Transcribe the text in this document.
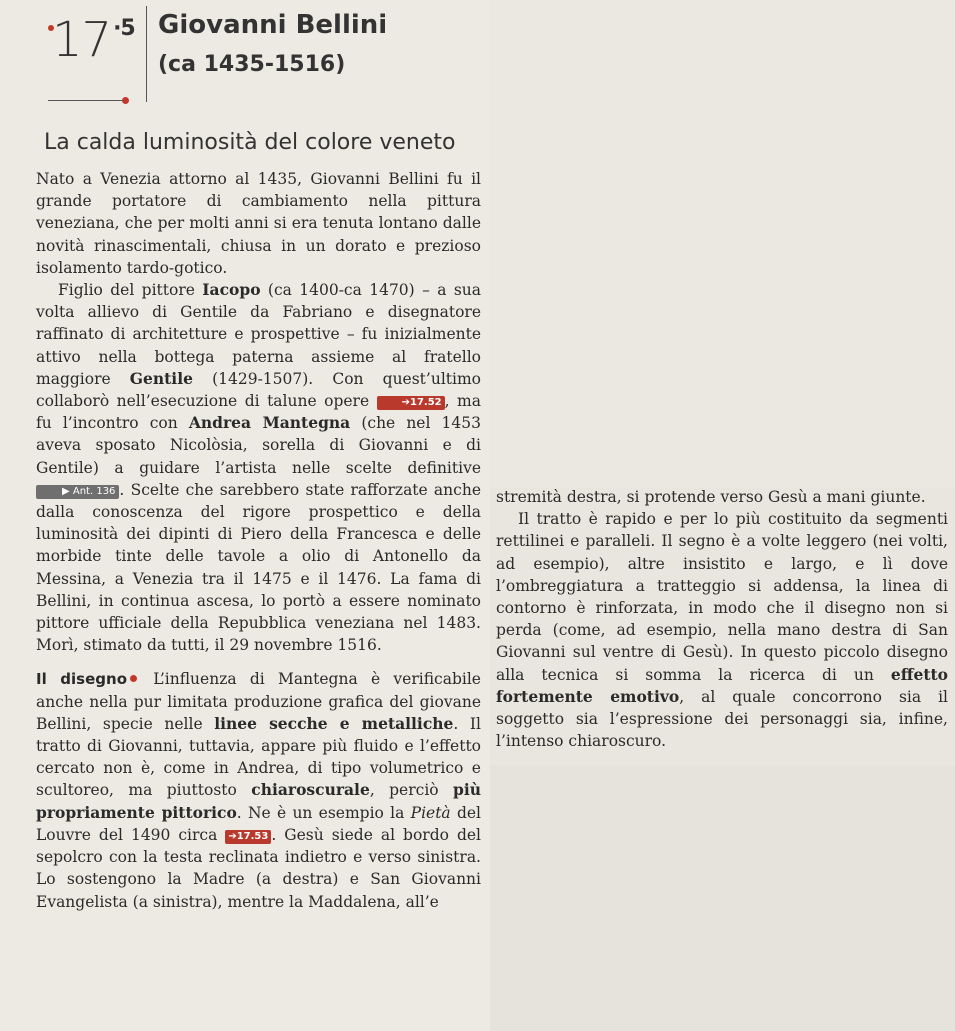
$17^{\cdot 5}$ Giovanni Bellini
(ca 1435-1516)
La calda luminosità del colore veneto

Nato a Venezia attorno al 1435, Giovanni Bellini fu il grande portatore di cambiamento nella pittura veneziana, che per molti anni si era tenuta lontano dalle novità rinascimentali, chiusa in un dorato e prezioso isolamento tardo-gotico.

Figlio del pittore Iacopo (ca 1400-ca 1470) – a sua volta allievo di Gentile da Fabriano e disegnatore raffinato di architetture e prospettive – fu inizialmente attivo nella bottega paterna assieme al fratello maggiore Gentile (1429-1507). Con quest’ultimo collaborò nell’esecuzione di talune opere	➔17.52 , ma fu l’incontro con Andrea Mantegna (che nel 1453 aveva sposato Nicolòsia, sorella di Giovanni e di Gentile) a guidare l’artista nelle scelte definitive ▶ Ant. 136 . Scelte che sarebbero state rafforzate anche dalla conoscenza del rigore prospettico e della luminosità dei dipinti di Piero della Francesca e delle morbide tinte delle tavole a olio di Antonello da Messina, a Venezia tra il 1475 e il 1476. La fama di Bellini, in continua ascesa, lo portò a essere nominato pittore ufficiale della Repubblica veneziana nel 1483. Morì, stimato da tutti, il 29 novembre 1516.

Il disegno L’influenza di Mantegna è verificabile anche nella pur limitata produzione grafica del giovane Bellini, specie nelle linee secche e metalliche. Il tratto di Giovanni, tuttavia, appare più fluido e l’effetto cercato non è, come in Andrea, di tipo volumetrico e scultoreo, ma piuttosto chiaroscurale, perciò più propriamente pittorico. Ne è un esempio la Pietà del Louvre del 1490 circa ➔17.53 . Gesù siede al bordo del sepolcro con la testa reclinata indietro e verso sinistra. Lo sostengono la Madre (a destra) e San Giovanni Evangelista (a sinistra), mentre la Maddalena, all’e

stremità destra, si protende verso Gesù a mani giunte.

Il tratto è rapido e per lo più costituito da segmenti rettilinei e paralleli. Il segno è a volte leggero (nei volti, ad esempio), altre insistito e largo, e lì dove l’ombreggiatura a tratteggio si addensa, la linea di contorno è rinforzata, in modo che il disegno non si perda (come, ad esempio, nella mano destra di San Giovanni sul ventre di Gesù). In questo piccolo disegno alla tecnica si somma la ricerca di un effetto fortemente emotivo, al quale concorrono sia il soggetto sia l’espressione dei personaggi sia, infine, l’intenso chiaroscuro.
